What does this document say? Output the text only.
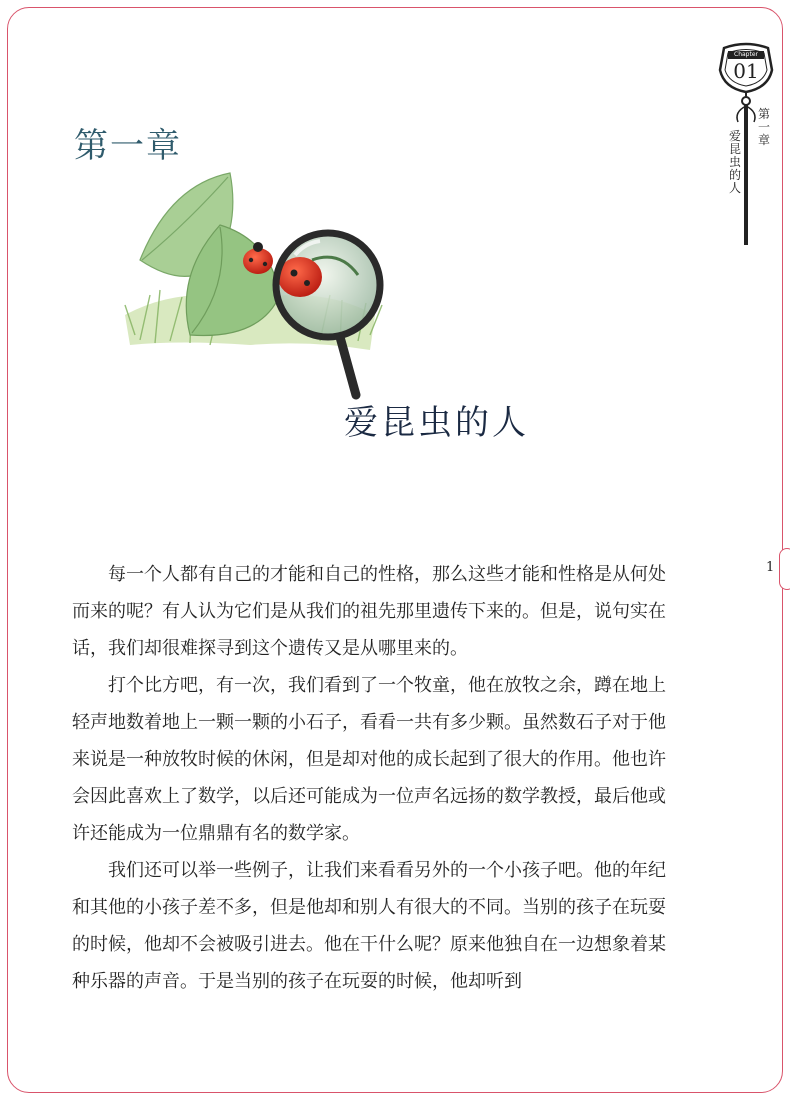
Chapter
01
第一章
爱昆虫的人
第一章
爱昆虫的人
1

每一个人都有自己的才能和自己的性格，那么这些才能和性格是从何处而来的呢？有人认为它们是从我们的祖先那里遗传下来的。但是，说句实在话，我们却很难探寻到这个遗传又是从哪里来的。

打个比方吧，有一次，我们看到了一个牧童，他在放牧之余，蹲在地上轻声地数着地上一颗一颗的小石子，看看一共有多少颗。虽然数石子对于他来说是一种放牧时候的休闲，但是却对他的成长起到了很大的作用。他也许会因此喜欢上了数学，以后还可能成为一位声名远扬的数学教授，最后他或许还能成为一位鼎鼎有名的数学家。

我们还可以举一些例子，让我们来看看另外的一个小孩子吧。他的年纪和其他的小孩子差不多，但是他却和别人有很大的不同。当别的孩子在玩耍的时候，他却不会被吸引进去。他在干什么呢？原来他独自在一边想象着某种乐器的声音。于是当别的孩子在玩耍的时候，他却听到
